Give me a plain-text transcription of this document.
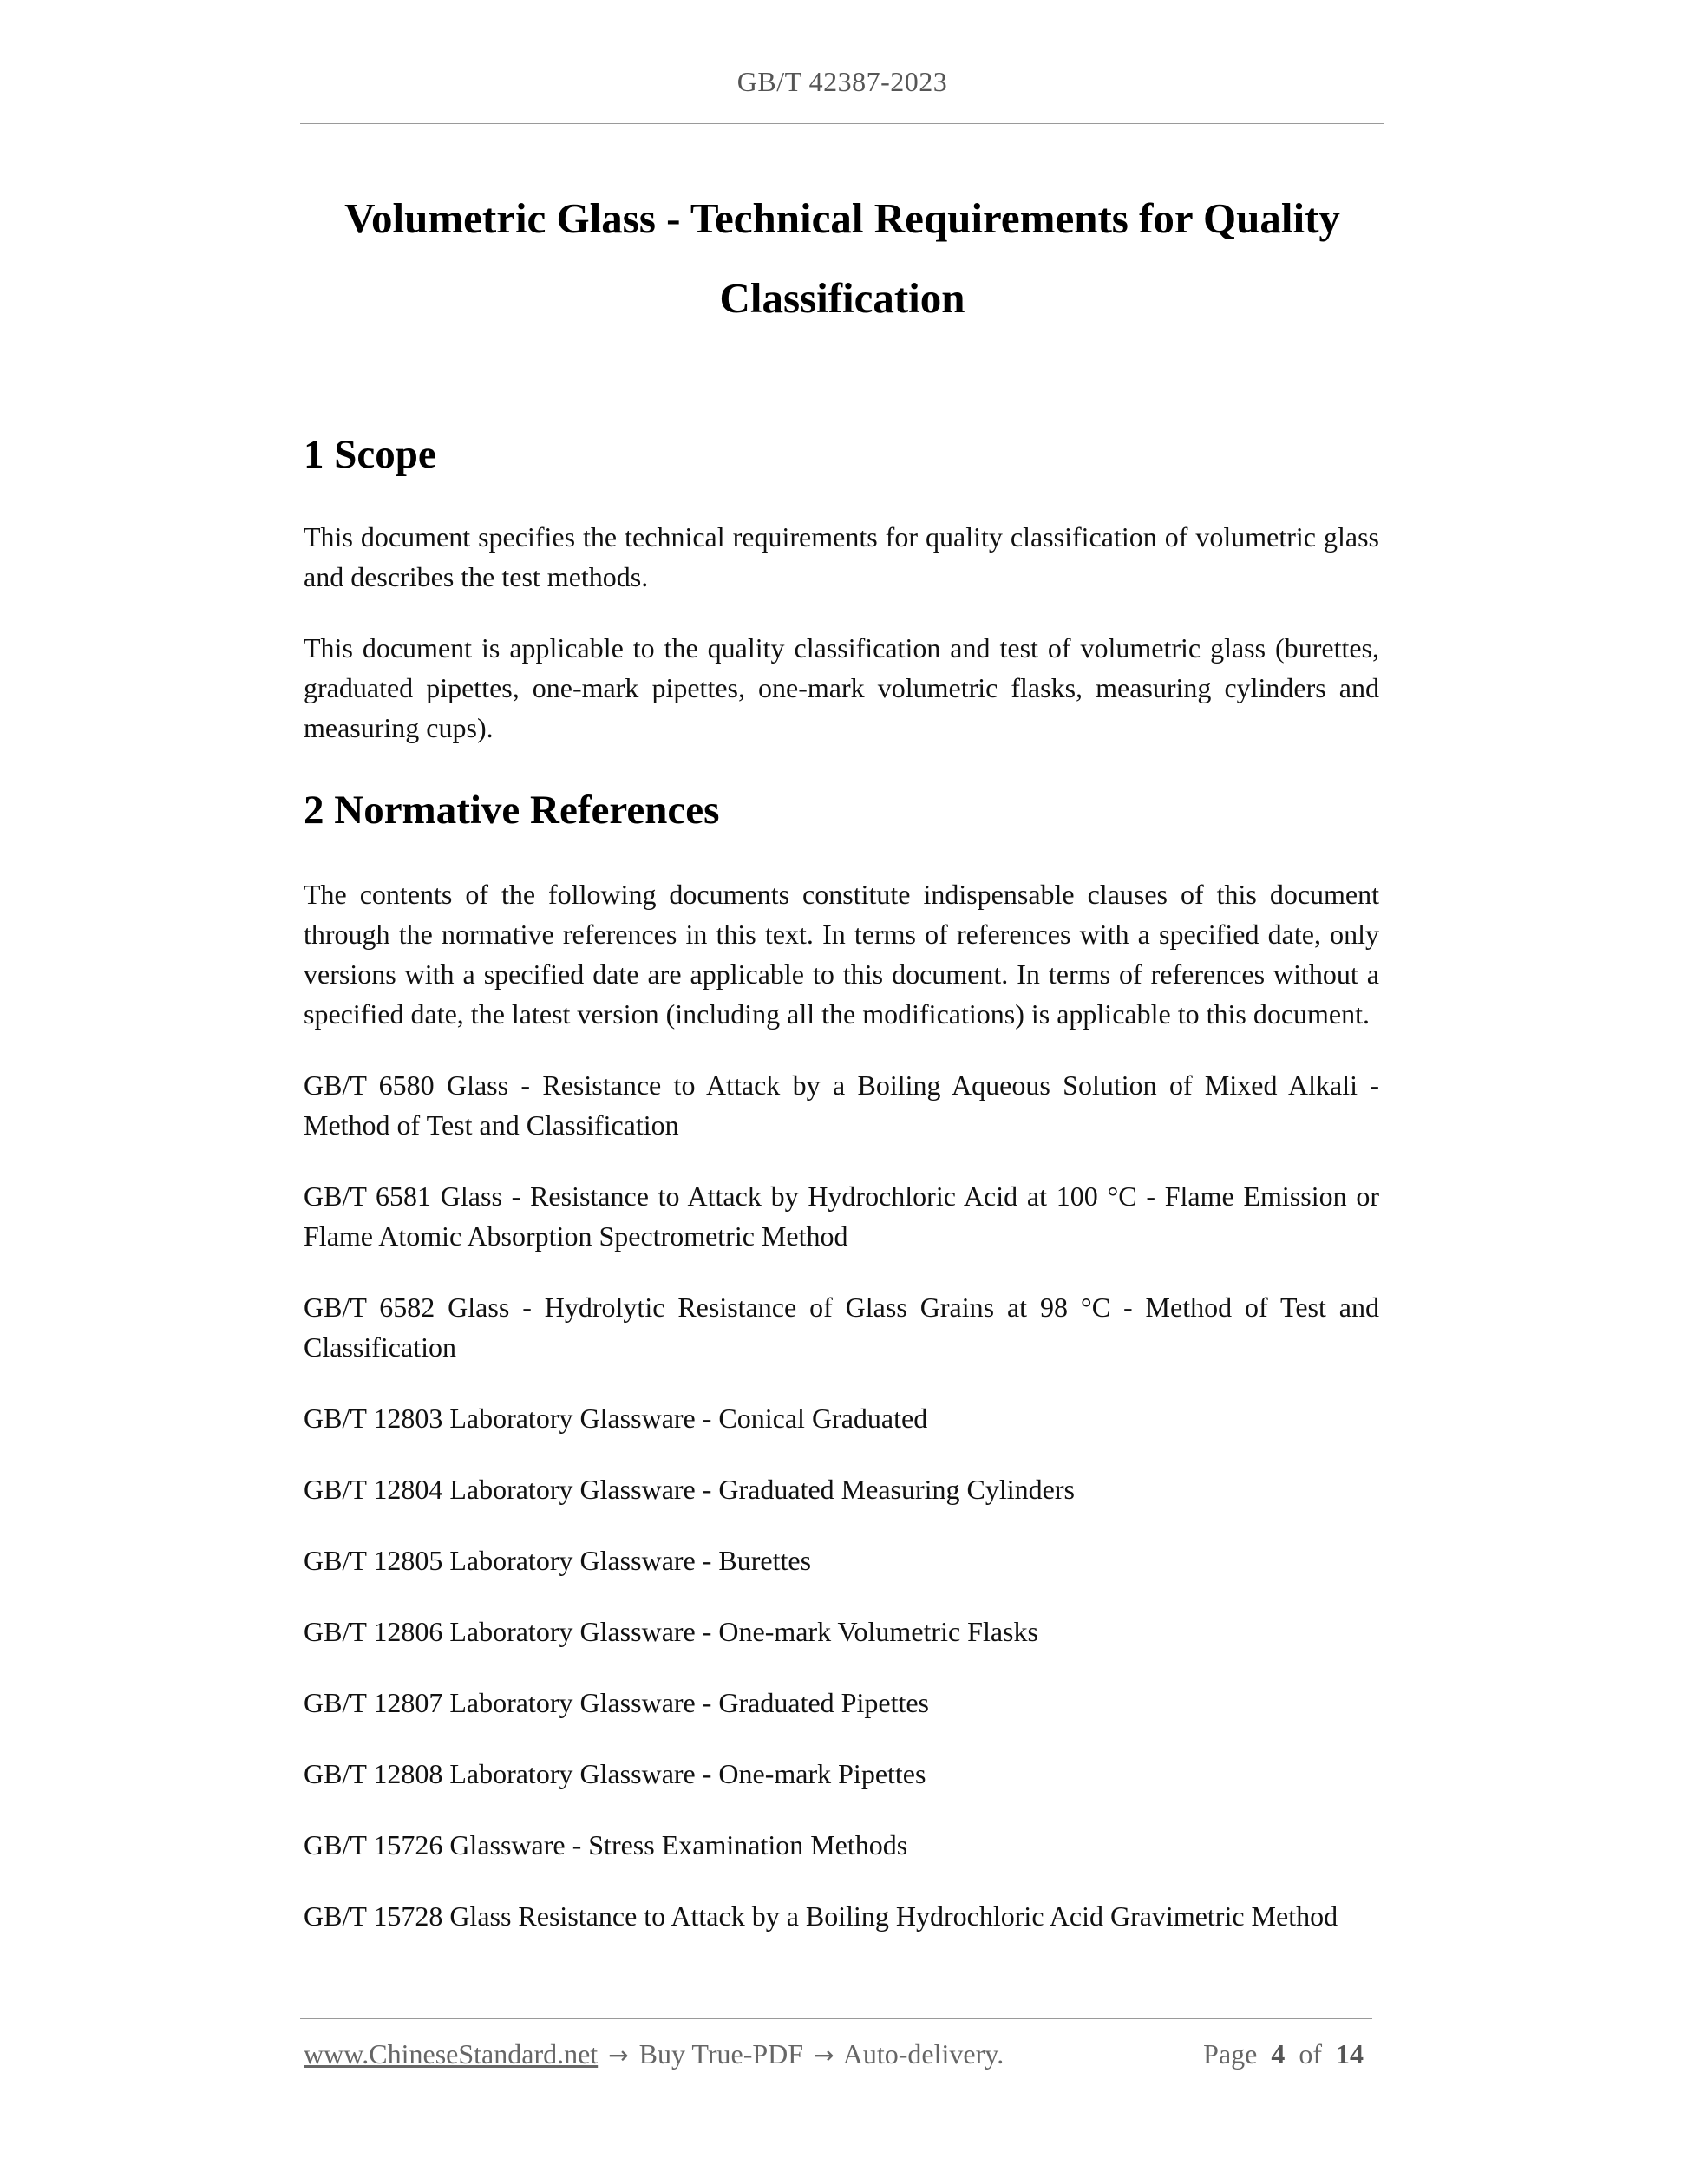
GB/T 42387-2023
Volumetric Glass - Technical Requirements for Quality
Classification
1 Scope

This document specifies the technical requirements for quality classification of volumetric glass and describes the test methods.

This document is applicable to the quality classification and test of volumetric glass (burettes, graduated pipettes, one-mark pipettes, one-mark volumetric flasks, measuring cylinders and measuring cups).

2 Normative References

The contents of the following documents constitute indispensable clauses of this document through the normative references in this text. In terms of references with a specified date, only versions with a specified date are applicable to this document. In terms of references without a specified date, the latest version (including all the modifications) is applicable to this document.

GB/T 6580 Glass - Resistance to Attack by a Boiling Aqueous Solution of Mixed Alkali - Method of Test and Classification

GB/T 6581 Glass - Resistance to Attack by Hydrochloric Acid at 100 °C - Flame Emission or Flame Atomic Absorption Spectrometric Method

GB/T 6582 Glass - Hydrolytic Resistance of Glass Grains at 98 °C - Method of Test and Classification

GB/T 12803 Laboratory Glassware - Conical Graduated

GB/T 12804 Laboratory Glassware - Graduated Measuring Cylinders

GB/T 12805 Laboratory Glassware - Burettes

GB/T 12806 Laboratory Glassware - One-mark Volumetric Flasks

GB/T 12807 Laboratory Glassware - Graduated Pipettes

GB/T 12808 Laboratory Glassware - One-mark Pipettes

GB/T 15726 Glassware - Stress Examination Methods

GB/T 15728 Glass Resistance to Attack by a Boiling Hydrochloric Acid Gravimetric Method

www.ChineseStandard.net → Buy True-PDF → Auto-delivery.	Page 4 of 14
